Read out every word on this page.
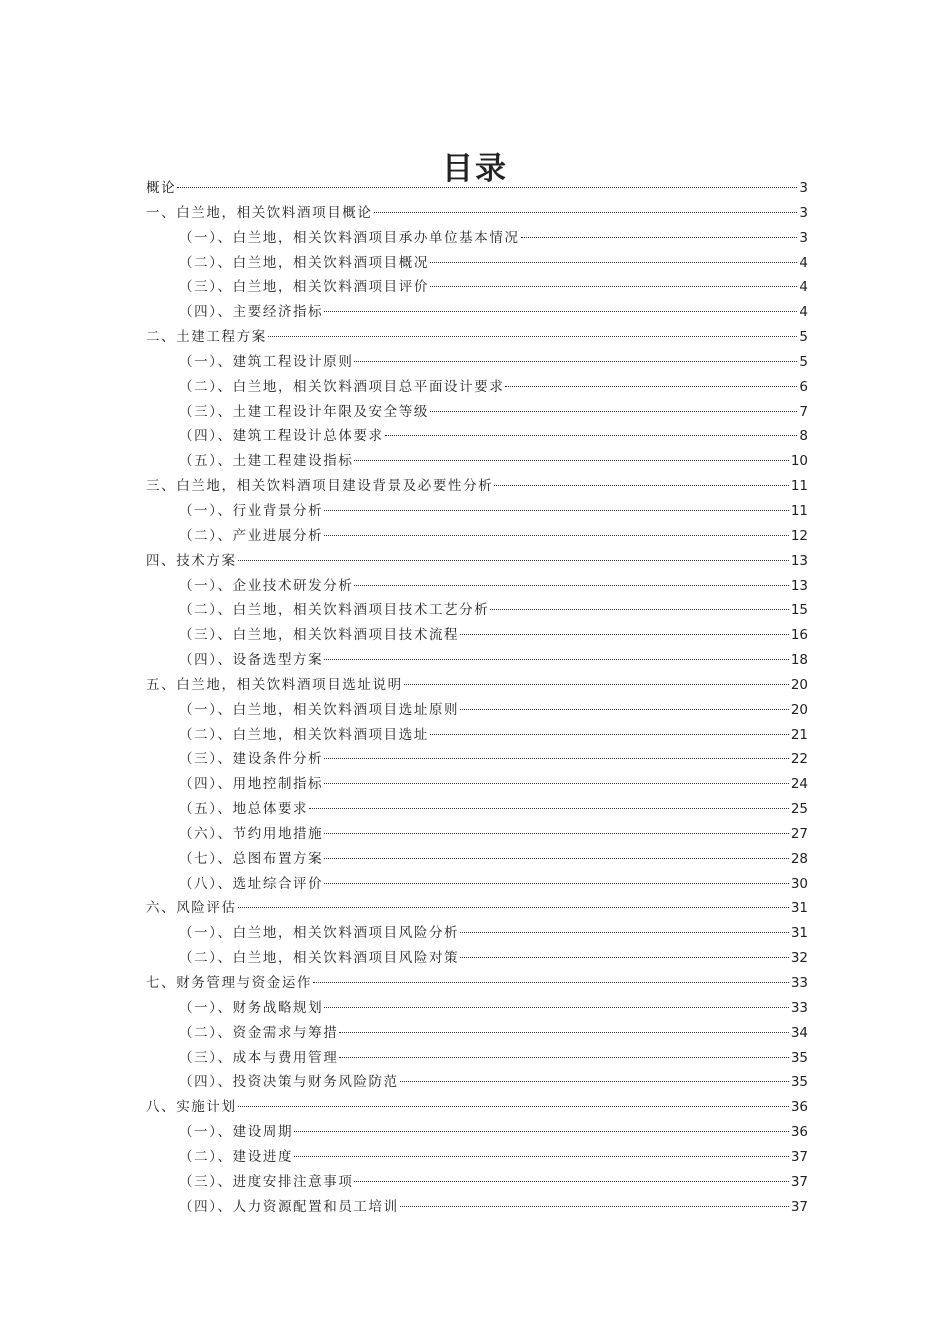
目录
概论	3
一、白兰地，相关饮料酒项目概论	3
（一）、白兰地，相关饮料酒项目承办单位基本情况	3
（二）、白兰地，相关饮料酒项目概况	4
（三）、白兰地，相关饮料酒项目评价	4
（四）、主要经济指标	4
二、土建工程方案	5
（一）、建筑工程设计原则	5
（二）、白兰地，相关饮料酒项目总平面设计要求	6
（三）、土建工程设计年限及安全等级	7
（四）、建筑工程设计总体要求	8
（五）、土建工程建设指标	10
三、白兰地，相关饮料酒项目建设背景及必要性分析	11
（一）、行业背景分析	11
（二）、产业进展分析	12
四、技术方案	13
（一）、企业技术研发分析	13
（二）、白兰地，相关饮料酒项目技术工艺分析	15
（三）、白兰地，相关饮料酒项目技术流程	16
（四）、设备选型方案	18
五、白兰地，相关饮料酒项目选址说明	20
（一）、白兰地，相关饮料酒项目选址原则	20
（二）、白兰地，相关饮料酒项目选址	21
（三）、建设条件分析	22
（四）、用地控制指标	24
（五）、地总体要求	25
（六）、节约用地措施	27
（七）、总图布置方案	28
（八）、选址综合评价	30
六、风险评估	31
（一）、白兰地，相关饮料酒项目风险分析	31
（二）、白兰地，相关饮料酒项目风险对策	32
七、财务管理与资金运作	33
（一）、财务战略规划	33
（二）、资金需求与筹措	34
（三）、成本与费用管理	35
（四）、投资决策与财务风险防范	35
八、实施计划	36
（一）、建设周期	36
（二）、建设进度	37
（三）、进度安排注意事项	37
（四）、人力资源配置和员工培训	37
